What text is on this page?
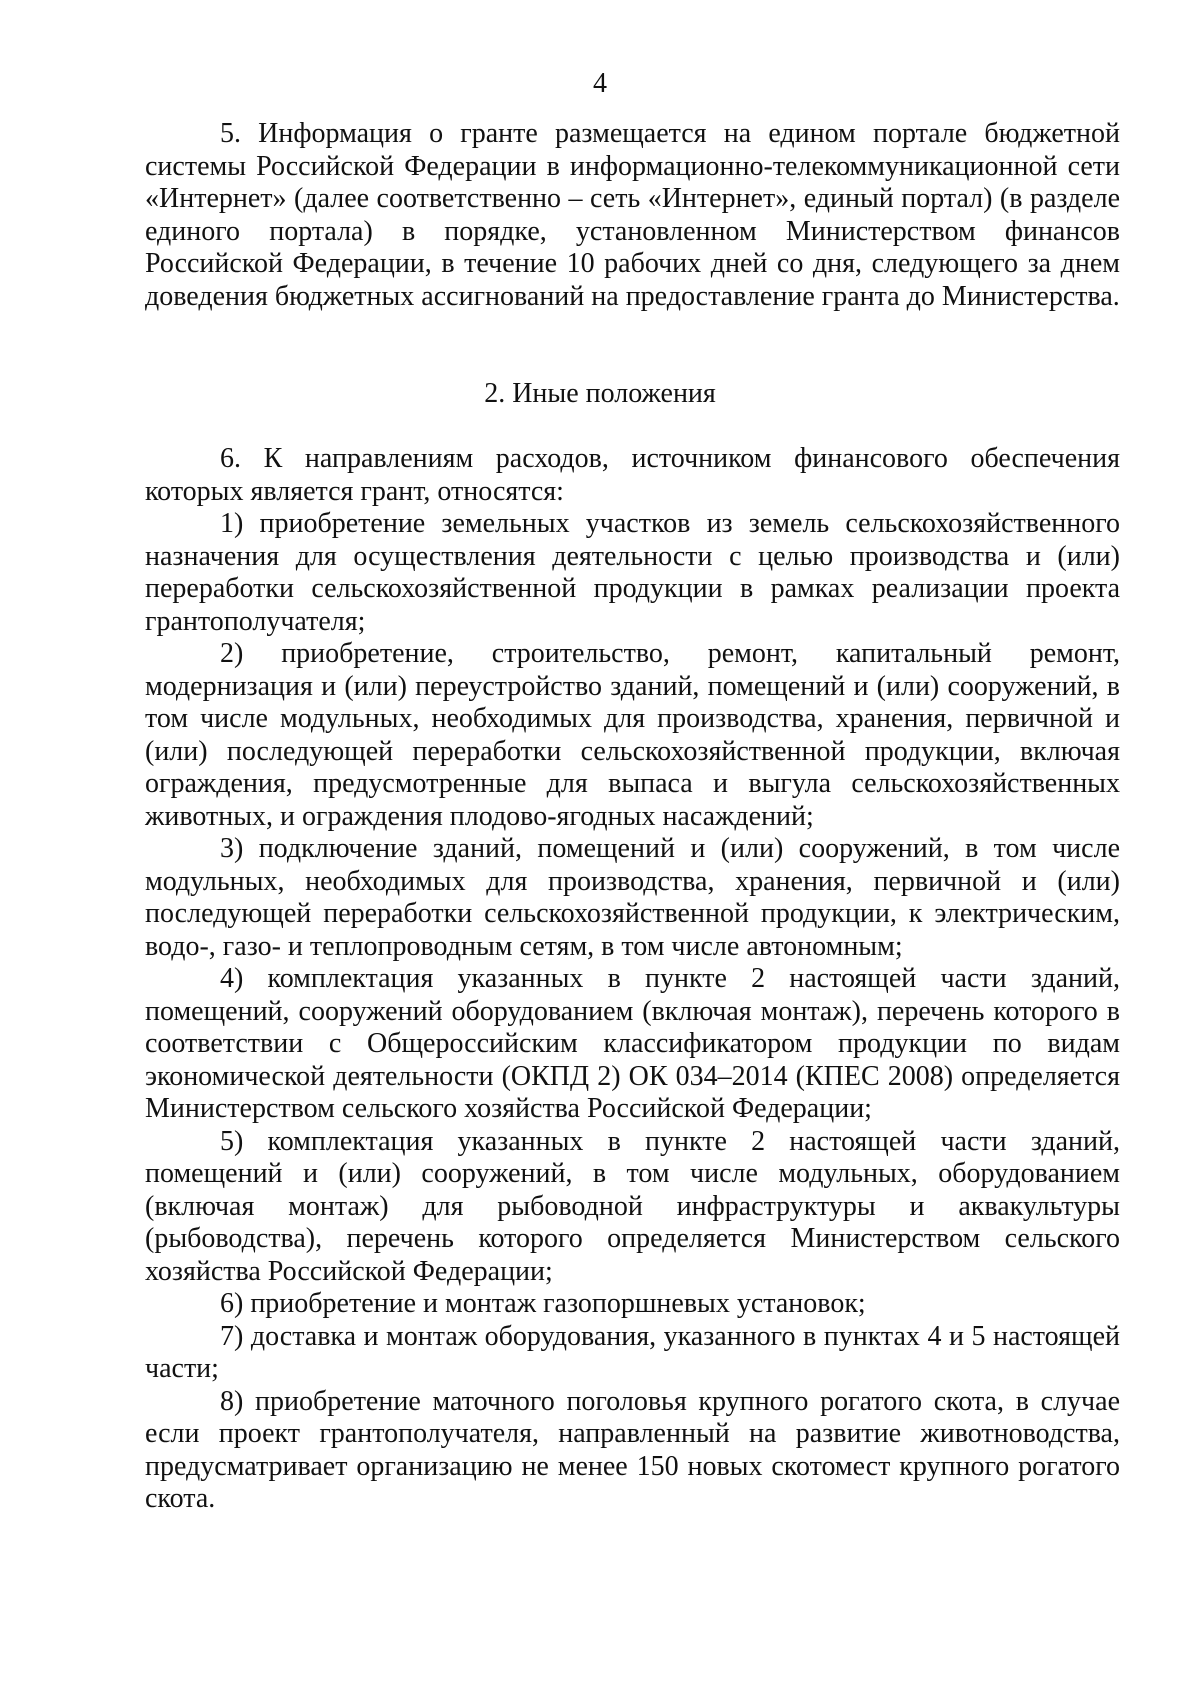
4

5. Информация о гранте размещается на едином портале бюджетной системы Российской Федерации в информационно-телекоммуникационной сети «Интернет» (далее соответственно – сеть «Интернет», единый портал) (в разделе единого портала) в порядке, установленном Министерством финансов Российской Федерации, в течение 10 рабочих дней со дня, следующего за днем доведения бюджетных ассигнований на предоставление гранта до Министерства.

2. Иные положения

6. К направлениям расходов, источником финансового обеспечения которых является грант, относятся:

1) приобретение земельных участков из земель сельскохозяйственного назначения для осуществления деятельности с целью производства и (или) переработки сельскохозяйственной продукции в рамках реализации проекта грантополучателя;

2) приобретение, строительство, ремонт, капитальный ремонт, модернизация и (или) переустройство зданий, помещений и (или) сооружений, в том числе модульных, необходимых для производства, хранения, первичной и (или) последующей переработки сельскохозяйственной продукции, включая ограждения, предусмотренные для выпаса и выгула сельскохозяйственных животных, и ограждения плодово-ягодных насаждений;

3) подключение зданий, помещений и (или) сооружений, в том числе модульных, необходимых для производства, хранения, первичной и (или) последующей переработки сельскохозяйственной продукции, к электрическим, водо-, газо- и теплопроводным сетям, в том числе автономным;

4) комплектация указанных в пункте 2 настоящей части зданий, помещений, сооружений оборудованием (включая монтаж), перечень которого в соответствии с Общероссийским классификатором продукции по видам экономической деятельности (ОКПД 2) ОК 034–2014 (КПЕС 2008) определяется Министерством сельского хозяйства Российской Федерации;

5) комплектация указанных в пункте 2 настоящей части зданий, помещений и (или) сооружений, в том числе модульных, оборудованием (включая монтаж) для рыбоводной инфраструктуры и аквакультуры (рыбоводства), перечень которого определяется Министерством сельского хозяйства Российской Федерации;

6) приобретение и монтаж газопоршневых установок;

7) доставка и монтаж оборудования, указанного в пунктах 4 и 5 настоящей части;

8) приобретение маточного поголовья крупного рогатого скота, в случае если проект грантополучателя, направленный на развитие животноводства, предусматривает организацию не менее 150 новых скотомест крупного рогатого скота.
